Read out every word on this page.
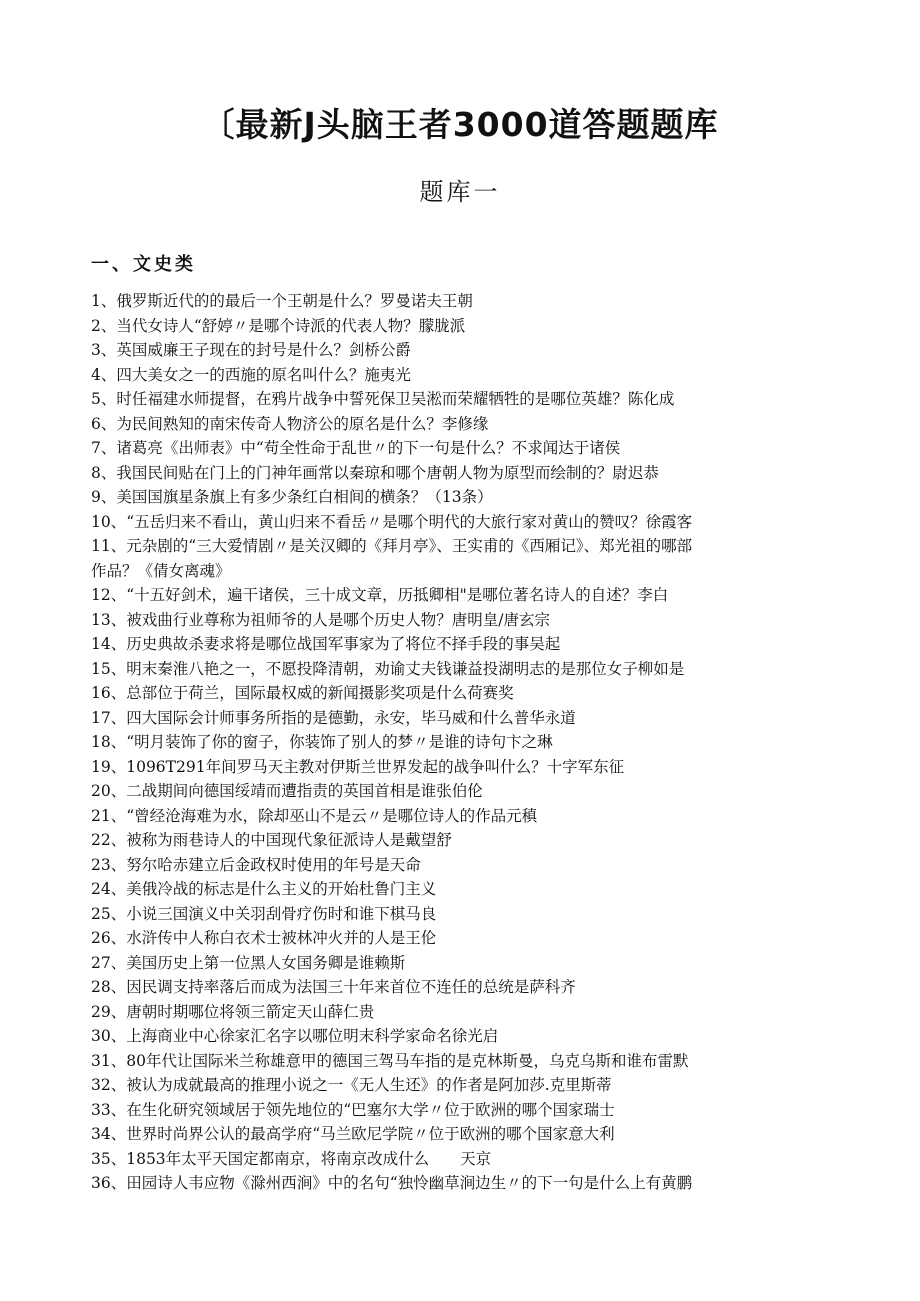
〔最新J头脑王者3000道答题题库
题库一
一、文史类
1、俄罗斯近代的的最后一个王朝是什么？罗曼诺夫王朝
2、当代女诗人“舒婷〃是哪个诗派的代表人物？朦胧派
3、英国威廉王子现在的封号是什么？剑桥公爵
4、四大美女之一的西施的原名叫什么？施夷光
5、时任福建水师提督，在鸦片战争中誓死保卫吴淞而荣耀牺牲的是哪位英雄？陈化成
6、为民间熟知的南宋传奇人物济公的原名是什么？李修缘
7、诸葛亮《出师表》中“苟全性命于乱世〃的下一句是什么？不求闻达于诸侯
8、我国民间贴在门上的门神年画常以秦琼和哪个唐朝人物为原型而绘制的？尉迟恭
9、美国国旗星条旗上有多少条红白相间的横条？（13条）
10、“五岳归来不看山，黄山归来不看岳〃是哪个明代的大旅行家对黄山的赞叹？徐霞客
11、元杂剧的“三大爱情剧〃是关汉卿的《拜月亭》、王实甫的《西厢记》、郑光祖的哪部
作品？《倩女离魂》
12、“十五好剑术，遍干诸侯，三十成文章，历抵卿相"是哪位著名诗人的自述？李白
13、被戏曲行业尊称为祖师爷的人是哪个历史人物？唐明皇/唐玄宗
14、历史典故杀妻求将是哪位战国军事家为了将位不择手段的事吴起
15、明末秦淮八艳之一，不愿投降清朝，劝谕丈夫钱谦益投湖明志的是那位女子柳如是
16、总部位于荷兰，国际最权威的新闻摄影奖项是什么荷赛奖
17、四大国际会计师事务所指的是德勤，永安，毕马威和什么普华永道
18、“明月装饰了你的窗子，你装饰了别人的梦〃是谁的诗句卞之琳
19、1096T291年间罗马天主教对伊斯兰世界发起的战争叫什么？十字军东征
20、二战期间向德国绥靖而遭指责的英国首相是谁张伯伦
21、“曾经沧海难为水，除却巫山不是云〃是哪位诗人的作品元稹
22、被称为雨巷诗人的中国现代象征派诗人是戴望舒
23、努尔哈赤建立后金政权时使用的年号是天命
24、美俄冷战的标志是什么主义的开始杜鲁门主义
25、小说三国演义中关羽刮骨疗伤时和谁下棋马良
26、水浒传中人称白衣术士被林冲火并的人是王伦
27、美国历史上第一位黑人女国务卿是谁赖斯
28、因民调支持率落后而成为法国三十年来首位不连任的总统是萨科齐
29、唐朝时期哪位将领三箭定天山薛仁贵
30、上海商业中心徐家汇名字以哪位明末科学家命名徐光启
31、80年代让国际米兰称雄意甲的德国三驾马车指的是克林斯曼，乌克乌斯和谁布雷默
32、被认为成就最高的推理小说之一《无人生还》的作者是阿加莎.克里斯蒂
33、在生化研究领域居于领先地位的“巴塞尔大学〃位于欧洲的哪个国家瑞士
34、世界时尚界公认的最高学府“马兰欧尼学院〃位于欧洲的哪个国家意大利
35、1853年太平天国定都南京，将南京改成什么　　天京
36、田园诗人韦应物《滁州西涧》中的名句“独怜幽草涧边生〃的下一句是什么上有黄鹏
